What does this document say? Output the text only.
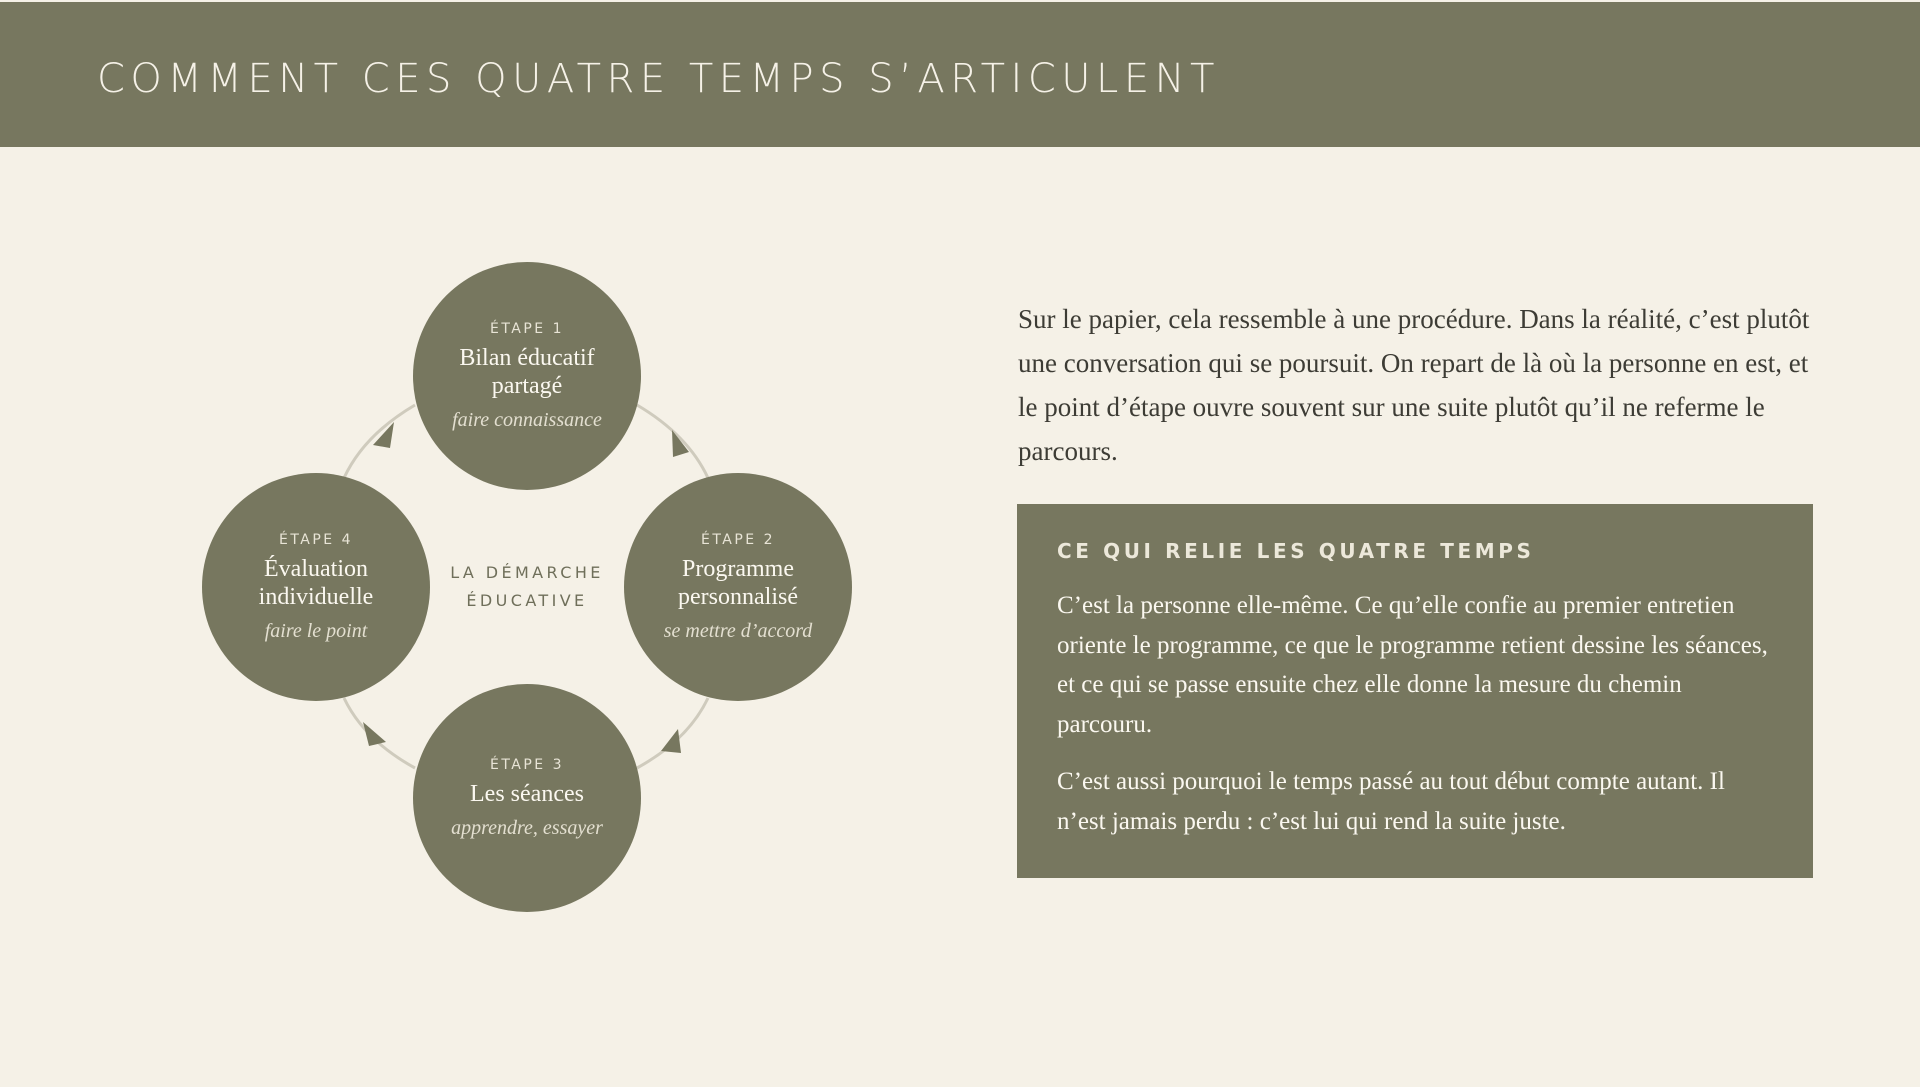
COMMENT CES QUATRE TEMPS S’ARTICULENT
ÉTAPE 1
Bilan éducatif partagé
faire connaissance
ÉTAPE 2
Programme personnalisé
se mettre d’accord
ÉTAPE 3
Les séances
apprendre, essayer
ÉTAPE 4
Évaluation individuelle
faire le point
LA DÉMARCHE
ÉDUCATIVE

Sur le papier, cela ressemble à une procédure. Dans la réalité, c’est plutôt une conversation qui se poursuit. On repart de là où la personne en est, et le point d’étape ouvre souvent sur une suite plutôt qu’il ne referme le parcours.

CE QUI RELIE LES QUATRE TEMPS

C’est la personne elle-même. Ce qu’elle confie au premier entretien oriente le programme, ce que le programme retient dessine les séances, et ce qui se passe ensuite chez elle donne la mesure du chemin parcouru.

C’est aussi pourquoi le temps passé au tout début compte autant. Il n’est jamais perdu : c’est lui qui rend la suite juste.
